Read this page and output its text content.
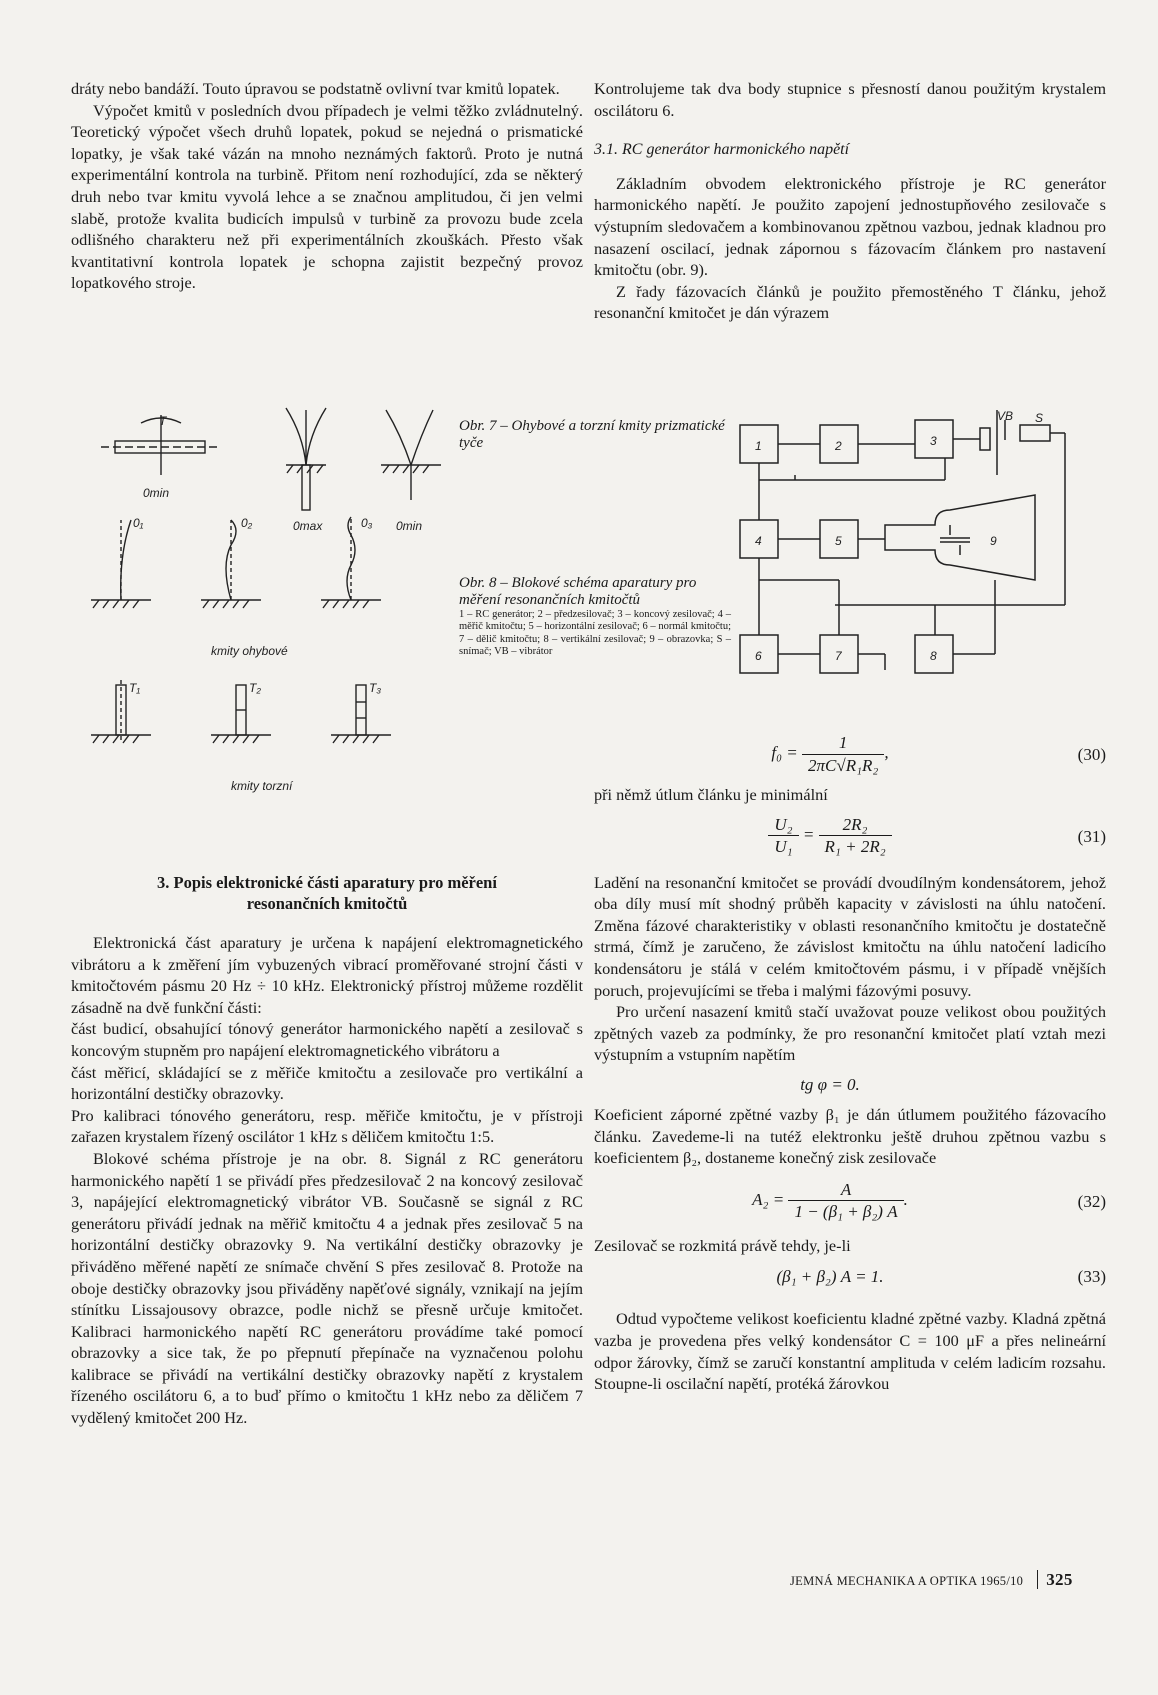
dráty nebo bandáží. Touto úpravou se podstatně ovlivní tvar kmitů lopatek.

Výpočet kmitů v posledních dvou případech je velmi těžko zvládnutelný. Teoretický výpočet všech druhů lopatek, pokud se nejedná o prismatické lopatky, je však také vázán na mnoho neznámých faktorů. Proto je nutná experimentální kontrola na turbině. Přitom není rozhodující, zda se některý druh nebo tvar kmitu vyvolá lehce a se značnou amplitudou, či jen velmi slabě, protože kvalita budicích impulsů v turbině za provozu bude zcela odlišného charakteru než při experimentálních zkouškách. Přesto však kvantitativní kontrola lopatek je schopna zajistit bezpečný provoz lopatkového stroje.

T
0min
0max	0min
0₁	0₂	0₃
kmity ohybové
T₁	T₂	T₃
kmity torzní
Obr. 7 – Ohybové a torzní kmity prizmatické tyče
Obr. 8 – Blokové schéma aparatury pro měření resonančních kmitočtů
1 – RC generátor; 2 – předzesilovač; 3 – koncový zesilovač; 4 – měřič kmitočtu; 5 – horizontální zesilovač; 6 – normál kmitočtu; 7 – dělič kmitočtu; 8 – vertikální zesilovač; 9 – obrazovka; S – snímač; VB – vibrátor
1	2	3
4	5
6	7	8
9
VB S

3. Popis elektronické části aparatury pro měření

resonančních kmitočtů

Elektronická část aparatury je určena k napájení elektromagnetického vibrátoru a k změření jím vybuzených vibrací proměřované strojní části v kmitočtovém pásmu 20 Hz ÷ 10 kHz. Elektronický přístroj můžeme rozdělit zásadně na dvě funkční části:

část budicí, obsahující tónový generátor harmonického napětí a zesilovač s koncovým stupněm pro napájení elektromagnetického vibrátoru a

část měřicí, skládající se z měřiče kmitočtu a zesilovače pro vertikální a horizontální destičky obrazovky.

Pro kalibraci tónového generátoru, resp. měřiče kmitočtu, je v přístroji zařazen krystalem řízený oscilátor 1 kHz s děličem kmitočtu 1:5.

Blokové schéma přístroje je na obr. 8. Signál z RC generátoru harmonického napětí 1 se přivádí přes předzesilovač 2 na koncový zesilovač 3, napájející elektromagnetický vibrátor VB. Současně se signál z RC generátoru přivádí jednak na měřič kmitočtu 4 a jednak přes zesilovač 5 na horizontální destičky obrazovky 9. Na vertikální destičky obrazovky je přiváděno měřené napětí ze snímače chvění S přes zesilovač 8. Protože na oboje destičky obrazovky jsou přiváděny napěťové signály, vznikají na jejím stínítku Lissajousovy obrazce, podle nichž se přesně určuje kmitočet. Kalibraci harmonického napětí RC generátoru provádíme také pomocí obrazovky a sice tak, že po přepnutí přepínače na vyznačenou polohu kalibrace se přivádí na vertikální destičky obrazovky napětí z krystalem řízeného oscilátoru 6, a to buď přímo o kmitočtu 1 kHz nebo za děličem 7 vydělený kmitočet 200 Hz.

Kontrolujeme tak dva body stupnice s přesností danou použitým krystalem oscilátoru 6.

3.1. RC generátor harmonického napětí

Základním obvodem elektronického přístroje je RC generátor harmonického napětí. Je použito zapojení jednostupňového zesilovače s výstupním sledovačem a kombinovanou zpětnou vazbou, jednak kladnou pro nasazení oscilací, jednak zápornou s fázovacím článkem pro nastavení kmitočtu (obr. 9).

Z řady fázovacích článků je použito přemostěného T článku, jehož resonanční kmitočet je dán výrazem

$f_0 = \frac{1}{\text{2πC√R₁R₂}}$ ,	(30)

při němž útlum článku je minimální

$\frac{\text{U₂}}{\text{U₁}} = \frac{\text{2R₂}}{\text{R₁ + 2R₂}}$	(31)

Ladění na resonanční kmitočet se provádí dvoudílným kondensátorem, jehož oba díly musí mít shodný průběh kapacity v závislosti na úhlu natočení. Změna fázové charakteristiky v oblasti resonančního kmitočtu je dostatečně strmá, čímž je zaručeno, že závislost kmitočtu na úhlu natočení ladicího kondensátoru je stálá v celém kmitočtovém pásmu, i v případě vnějších poruch, projevujícími se třeba i malými fázovými posuvy.

Pro určení nasazení kmitů stačí uvažovat pouze velikost obou použitých zpětných vazeb za podmínky, že pro resonanční kmitočet platí vztah mezi výstupním a vstupním napětím

tg φ = 0.

Koeficient záporné zpětné vazby β₁ je dán útlumem použitého fázovacího článku. Zavedeme-li na tutéž elektronku ještě druhou zpětnou vazbu s koeficientem β₂, dostaneme konečný zisk zesilovače

$A_2 = \frac{A}{\text{1 − (β₁ + β₂) A}}$ .	(32)

Zesilovač se rozkmitá právě tehdy, je-li

(β₁ + β₂) A = 1.	(33)

Odtud vypočteme velikost koeficientu kladné zpětné vazby. Kladná zpětná vazba je provedena přes velký kondensátor C = 100 μF a přes nelineární odpor žárovky, čímž se zaručí konstantní amplituda v celém ladicím rozsahu. Stoupne-li oscilační napětí, protéká žárovkou

JEMNÁ MECHANIKA A OPTIKA 1965/10 325
